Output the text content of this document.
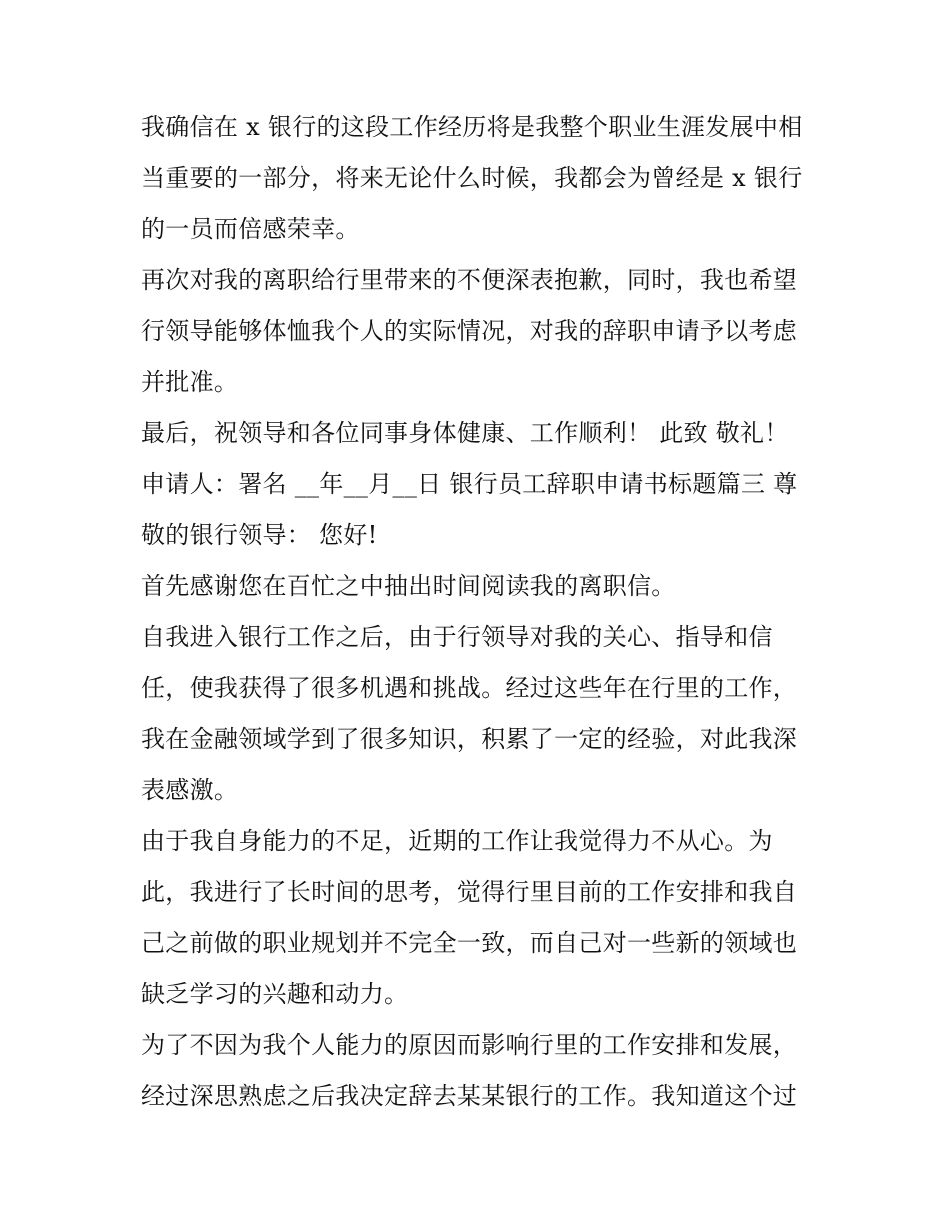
我确信在 x 银行的这段工作经历将是我整个职业生涯发展中相

当重要的一部分，将来无论什么时候，我都会为曾经是 x 银行

的一员而倍感荣幸。

再次对我的离职给行里带来的不便深表抱歉，同时，我也希望

行领导能够体恤我个人的实际情况，对我的辞职申请予以考虑

并批准。

最后，祝领导和各位同事身体健康、工作顺利！ 此致 敬礼！

申请人：署名 __年__月__日 银行员工辞职申请书标题篇三 尊

敬的银行领导： 您好!

首先感谢您在百忙之中抽出时间阅读我的离职信。

自我进入银行工作之后，由于行领导对我的关心、指导和信

任，使我获得了很多机遇和挑战。经过这些年在行里的工作，

我在金融领域学到了很多知识，积累了一定的经验，对此我深

表感激。

由于我自身能力的不足，近期的工作让我觉得力不从心。为

此，我进行了长时间的思考，觉得行里目前的工作安排和我自

己之前做的职业规划并不完全一致，而自己对一些新的领域也

缺乏学习的兴趣和动力。

为了不因为我个人能力的原因而影响行里的工作安排和发展，

经过深思熟虑之后我决定辞去某某银行的工作。我知道这个过
